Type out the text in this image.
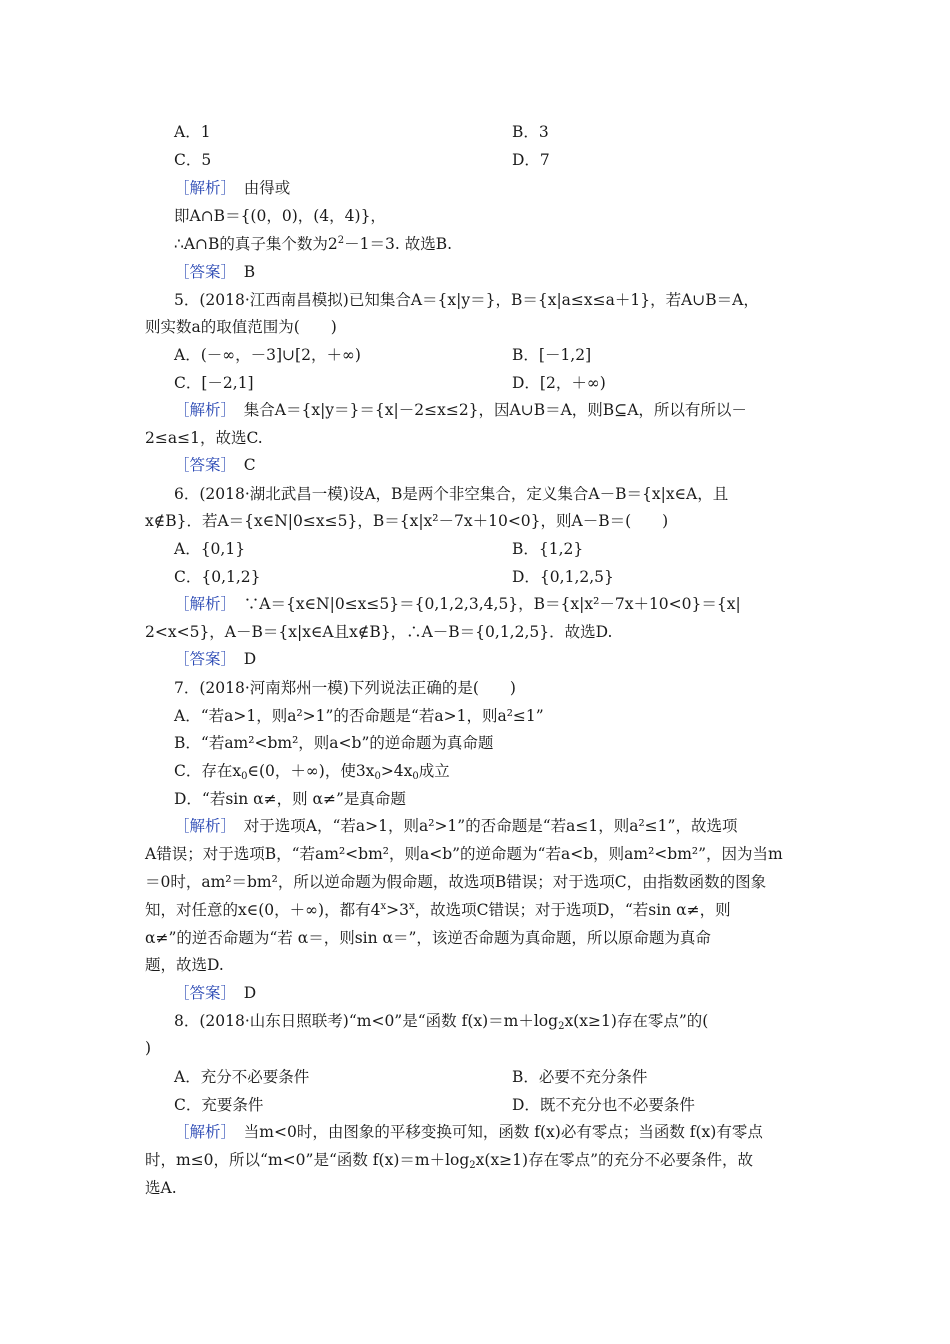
A．1	B．3
C．5	D．7
［解析］　 由得或
即A∩B＝{(0，0)，(4，4)}，
∴A∩B的真子集个数为$2^2-1=3$. 故选B.
［答案］　 B
5．(2018·江西南昌模拟)已知集合A＝{x|y＝}，B＝{x|a≤x≤a＋1}，若A∪B＝A，
则实数a的取值范围为(　　)
A．(－∞，－3]∪[2，＋∞)	B．[－1,2]
C．[－2,1]	D．[2，＋∞)
［解析］　 集合A＝{x|y＝}＝{x|－2≤x≤2}，因A∪B＝A，则B⊆A，所以有所以－
2≤a≤1，故选C.
［答案］　 C
6．(2018·湖北武昌一模)设A，B是两个非空集合，定义集合A－B＝{x|x∈A，且
x∉B}．若A＝{x∈N|0≤x≤5}，B＝{x|x²－7x＋10<0}，则A－B＝(　　)
A．{0,1}	B．{1,2}
C．{0,1,2}	D．{0,1,2,5}
［解析］　 ∵A＝{x∈N|0≤x≤5}＝{0,1,2,3,4,5}，B＝{x|x²－7x＋10<0}＝{x|
2<x<5}，A－B＝{x|x∈A且x∉B}，∴A－B＝{0,1,2,5}．故选D.
［答案］　 D
7．(2018·河南郑州一模)下列说法正确的是(　　)
A．“若a>1，则a²>1”的否命题是“若a>1，则a²≤1”
B．“若am²<bm²，则a<b”的逆命题为真命题
C．存在$x_0\in(0$，＋∞)，使$3x_0>4x_0$成立
D．“若sin α≠，则 α≠”是真命题
［解析］　 对于选项A，“若a>1，则a²>1”的否命题是“若a≤1，则a²≤1”，故选项
A错误；对于选项B，“若am²<bm²，则a<b”的逆命题为“若a<b，则am²<bm²”，因为当m
＝0时，am²＝bm²，所以逆命题为假命题，故选项B错误；对于选项C，由指数函数的图象
知，对任意的x∈(0，＋∞)，都有$4^x>3^x$，故选项C错误；对于选项D，“若sin α≠，则
α≠”的逆否命题为“若 α＝，则sin α＝”，该逆否命题为真命题，所以原命题为真命
题，故选D.
［答案］　 D
8．(2018·山东日照联考)“m<0”是“函数 $f(x)=m+\log_2x(x\ge 1)$存在零点”的(
)
A．充分不必要条件	B．必要不充分条件
C．充要条件	D．既不充分也不必要条件
［解析］　 当m<0时，由图象的平移变换可知，函数 f(x)必有零点；当函数 f(x)有零点
时，m≤0，所以“m<0”是“函数 $f(x)=m+\log_2x(x\ge 1)$存在零点”的充分不必要条件，故
选A.
